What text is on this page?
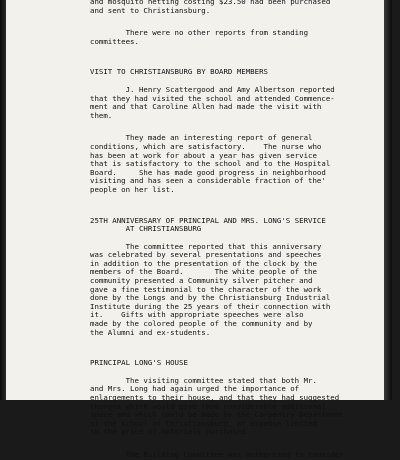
and mosquito netting costing $23.50 had been purchased
and sent to Christiansburg.
There were no other reports from standing
committees.
VISIT TO CHRISTIANSBURG BY BOARD MEMBERS
J. Henry Scattergood and Amy Albertson reported
that they had visited the school and attended Commence-
ment and that Caroline Allen had made the visit with
them.
They made an interesting report of general
conditions, which are satisfactory.    The nurse who
has been at work for about a year has given service
that is satisfactory to the school and to the Hospital
Board.     She has made good progress in neighborhood
visiting and has seen a considerable fraction of the'
people on her list.
25TH ANNIVERSARY OF PRINCIPAL AND MRS. LONG'S SERVICE
AT CHRISTIANSBURG
The committee reported that this anniversary
was celebrated by several presentations and speeches
in addition to the presentation of the clock by the
members of the Board.       The white people of the
community presented a Community silver pitcher and
gave a fine testimonial to the character of the work
done by the Longs and by the Christiansburg Industrial
Institute during the 25 years of their connection with
it.    Gifts with appropriate speeches were also
made by the colored people of the community and by
the Alumni and ex-students.
PRINCIPAL LONG'S HOUSE
The visiting committee stated that both Mr.
and Mrs. Long had again urged the importance of
enlargements to their house, and that they had suggested
changes which would give them considerable additional
space and which could be made by the Carpentry Department
of the school at Christiansburg, at expense limited
to the price of materials purchased.
The Building Committee was authorized to consider
